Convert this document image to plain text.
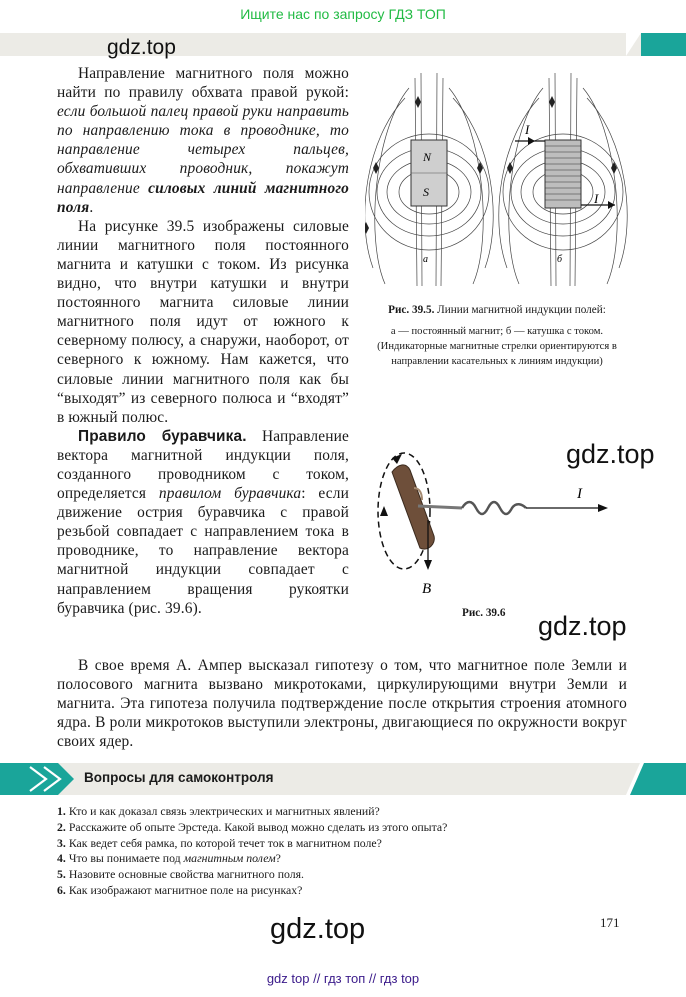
Ищите нас по запросу ГДЗ ТОП
gdz.top
gdz.top
gdz.top
gdz.top

Направление магнитного поля можно найти по правилу обхвата правой рукой: если большой палец правой руки направить по направлению тока в проводнике, то направление четырех пальцев, обхвативших проводник, покажут направление силовых линий магнитного поля.

На рисунке 39.5 изображены силовые линии магнитного поля постоянного магнита и катушки с током. Из рисунка видно, что внутри катушки и внутри постоянного магнита силовые линии магнитного поля идут от южного к северному полюсу, а снаружи, наоборот, от северного к южному. Нам кажется, что силовые линии магнитного поля как бы “выходят” из северного полюса и “входят” в южный полюс.

Правило буравчика. Направление вектора магнитной индукции поля, созданного проводником с током, определяется правилом буравчика: если движение острия буравчика с правой резьбой совпадает с направлением тока в проводнике, то направление вектора магнитной индукции совпадает с направлением вращения рукоятки буравчика (рис. 39.6).

В свое время А. Ампер высказал гипотезу о том, что магнитное поле Земли и полосового магнита вызвано микротоками, циркулирующими внутри Земли и магнита. Эта гипотеза получила подтверждение после открытия строения атомного ядра. В роли микротоков выступили электроны, двигающиеся по окружности вокруг своих ядер.

N
S
а
I
I
б
Рис. 39.5. Линии магнитной индукции полей:
а — постоянный магнит; б — катушка с током. (Индикаторные магнитные стрелки ориентируются в направлении касательных к линиям индукции)
I
B
Рис. 39.6
Вопросы для самоконтроля
1. Кто и как доказал связь электрических и магнитных явлений?
2. Расскажите об опыте Эрстеда. Какой вывод можно сделать из этого опыта?
3. Как ведет себя рамка, по которой течет ток в магнитном поле?
4. Что вы понимаете под магнитным полем?
5. Назовите основные свойства магнитного поля.
6. Как изображают магнитное поле на рисунках?
171
gdz top // гдз топ // гдз top
